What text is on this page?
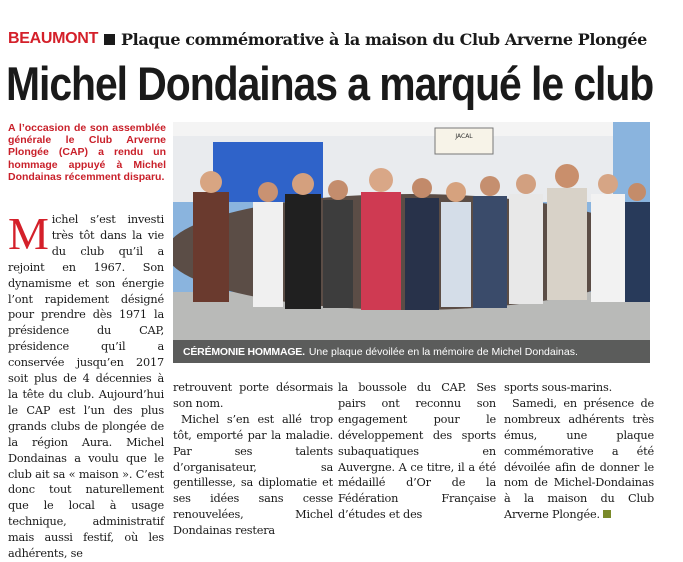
BEAUMONT Plaque commémorative à la maison du Club Arverne Plongée
Michel Dondainas a marqué le club

A l’occasion de son assemblée générale le Club Arverne Plongée (CAP) a rendu un hommage appuyé à Michel Dondainas récemment disparu.

JACAL
CÉRÉMONIE HOMMAGE. Une plaque dévoilée en la mémoire de Michel Dondainas.
Michel s’est investi très tôt dans la vie du club qu’il a rejoint en 1967. Son dynamisme et son énergie l’ont rapidement désigné pour prendre dès 1971 la présidence du CAP, présidence qu’il a conservée jusqu’en 2017 soit plus de 4 décennies à la tête du club. Aujourd’hui le CAP est l’un des plus grands clubs de plongée de la région Aura. Michel Dondainas a voulu que le club ait sa « maison ». C’est donc tout naturellement que le local à usage technique, administratif mais aussi festif, où les adhérents, se
retrouvent porte désormais son nom.
Michel s’en est allé trop tôt, emporté par la maladie. Par ses talents d’organisateur, sa gentillesse, sa diplomatie et ses idées sans cesse renouvelées, Michel Dondainas restera
la boussole du CAP. Ses pairs ont reconnu son engagement pour le développement des sports subaquatiques en Auvergne. A ce titre, il a été médaillé d’Or de la Fédération Française d’études et des
sports sous-marins.
Samedi, en présence de nombreux adhérents très émus, une plaque commémorative a été dévoilée afin de donner le nom de Michel-Dondainas à la maison du Club Arverne Plongée.
